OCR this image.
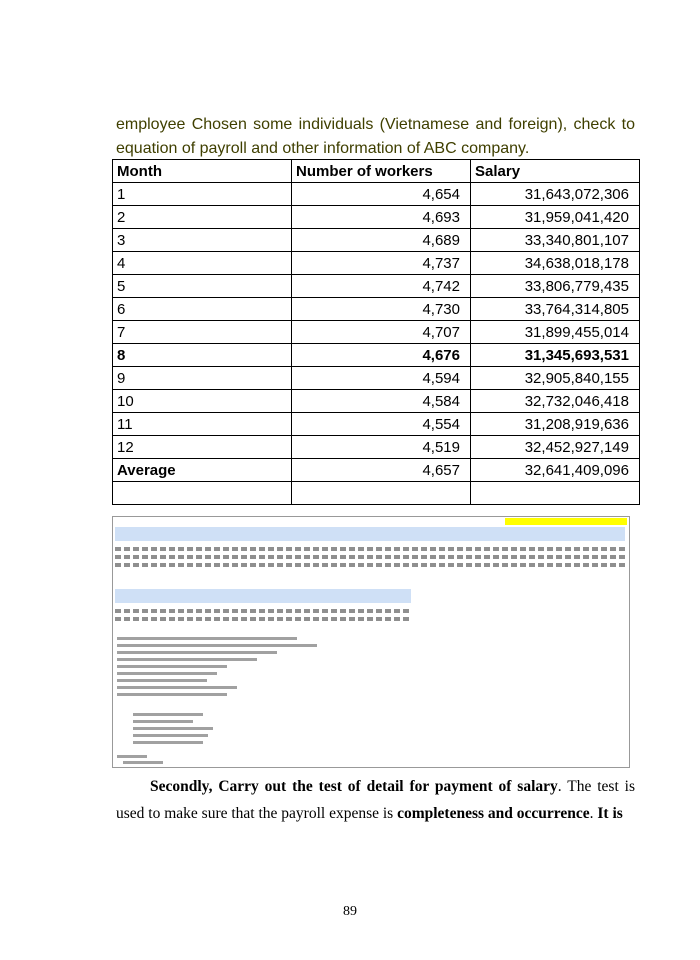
employee Chosen some individuals (Vietnamese and foreign), check to equation of payroll and other information of ABC company.

Month	Number of workers	Salary
1	4,654	31,643,072,306
2	4,693	31,959,041,420
3	4,689	33,340,801,107
4	4,737	34,638,018,178
5	4,742	33,806,779,435
6	4,730	33,764,314,805
7	4,707	31,899,455,014
8	4,676	31,345,693,531
9	4,594	32,905,840,155
10	4,584	32,732,046,418
11	4,554	31,208,919,636
12	4,519	32,452,927,149
Average	4,657	32,641,409,096

Secondly, Carry out the test of detail for payment of salary. The test is used to make sure that the payroll expense is completeness and occurrence. It is

89
